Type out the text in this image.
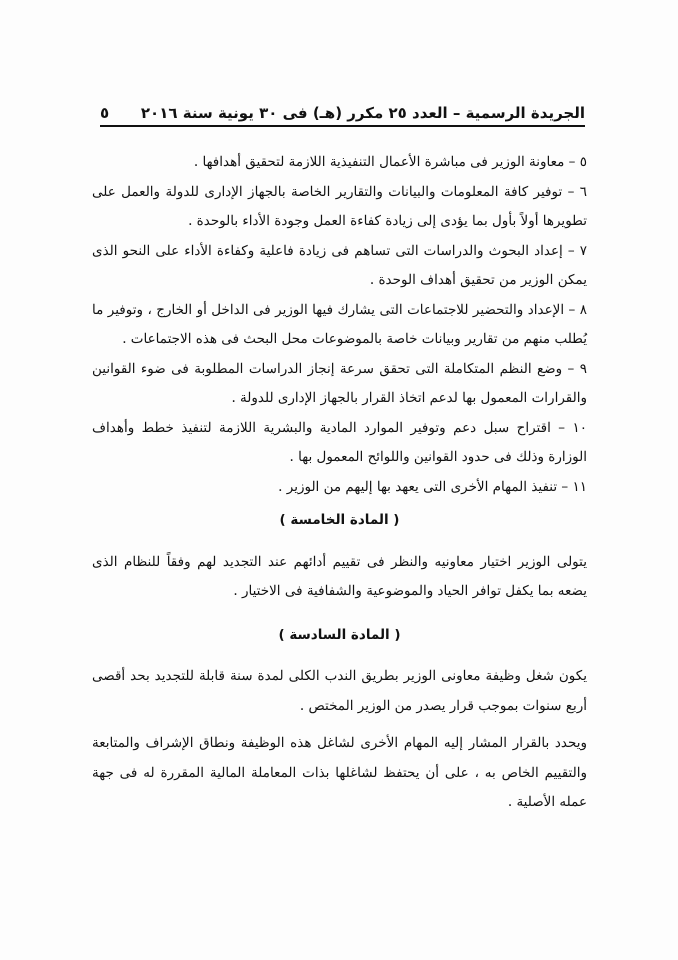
الجريدة الرسمية – العدد ٢٥ مكرر (هـ) فى ٣٠ يونية سنة ٢٠١٦
٥

٥ – معاونة الوزير فى مباشرة الأعمال التنفيذية اللازمة لتحقيق أهدافها .

٦ – توفير كافة المعلومات والبيانات والتقارير الخاصة بالجهاز الإدارى للدولة والعمل على تطويرها أولاً بأول بما يؤدى إلى زيادة كفاءة العمل وجودة الأداء بالوحدة .

٧ – إعداد البحوث والدراسات التى تساهم فى زيادة فاعلية وكفاءة الأداء على النحو الذى يمكن الوزير من تحقيق أهداف الوحدة .

٨ – الإعداد والتحضير للاجتماعات التى يشارك فيها الوزير فى الداخل أو الخارج ، وتوفير ما يُطلب منهم من تقارير وبيانات خاصة بالموضوعات محل البحث فى هذه الاجتماعات .

٩ – وضع النظم المتكاملة التى تحقق سرعة إنجاز الدراسات المطلوبة فى ضوء القوانين والقرارات المعمول بها لدعم اتخاذ القرار بالجهاز الإدارى للدولة .

١٠ – اقتراح سبل دعم وتوفير الموارد المادية والبشرية اللازمة لتنفيذ خطط وأهداف الوزارة وذلك فى حدود القوانين واللوائح المعمول بها .

١١ – تنفيذ المهام الأخرى التى يعهد بها إليهم من الوزير .

( المادة الخامسة )

يتولى الوزير اختيار معاونيه والنظر فى تقييم أدائهم عند التجديد لهم وفقاً للنظام الذى يضعه بما يكفل توافر الحياد والموضوعية والشفافية فى الاختيار .

( المادة السادسة )

يكون شغل وظيفة معاونى الوزير بطريق الندب الكلى لمدة سنة قابلة للتجديد بحد أقصى أربع سنوات بموجب قرار يصدر من الوزير المختص .

ويحدد بالقرار المشار إليه المهام الأخرى لشاغل هذه الوظيفة ونطاق الإشراف والمتابعة والتقييم الخاص به ، على أن يحتفظ لشاغلها بذات المعاملة المالية المقررة له فى جهة عمله الأصلية .
